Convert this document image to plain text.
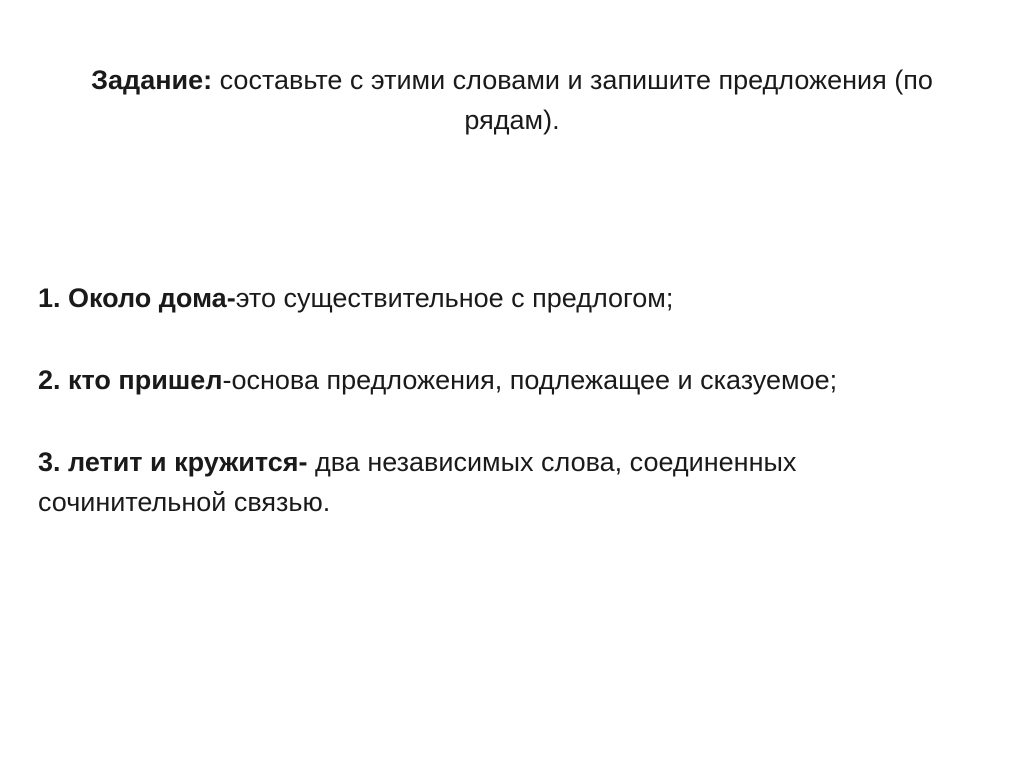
Задание: составьте с этими словами и запишите предложения (по рядам).

1. Около дома-это существительное с предлогом;

2. кто пришел-основа предложения, подлежащее и сказуемое;

3. летит и кружится- два независимых слова, соединенных сочинительной связью.
